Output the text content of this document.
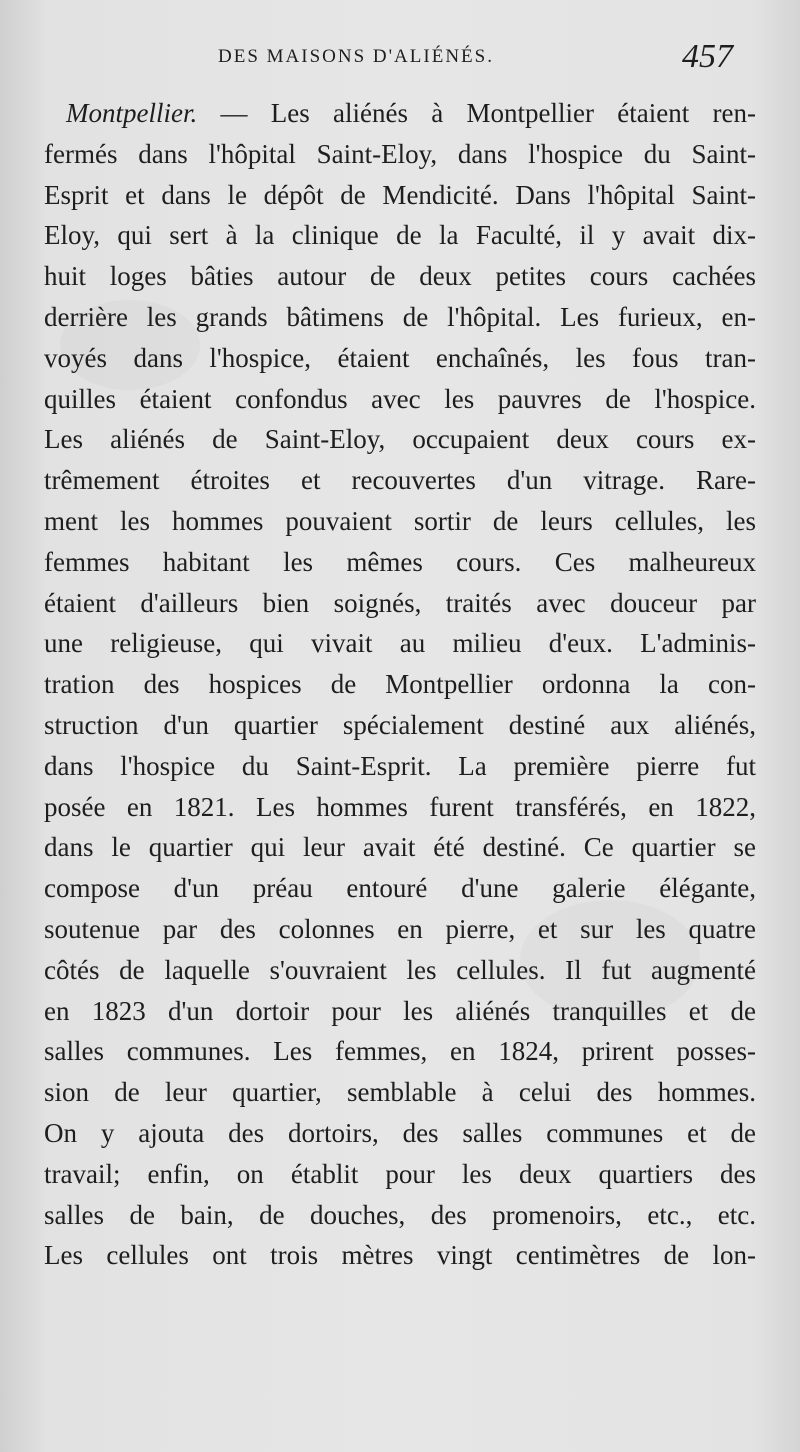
DES MAISONS D'ALIÉNÉS.	457
Montpellier. — Les aliénés à Montpellier étaient ren-
fermés dans l'hôpital Saint-Eloy, dans l'hospice du Saint-
Esprit et dans le dépôt de Mendicité. Dans l'hôpital Saint-
Eloy, qui sert à la clinique de la Faculté, il y avait dix-
huit loges bâties autour de deux petites cours cachées
derrière les grands bâtimens de l'hôpital. Les furieux, en-
voyés dans l'hospice, étaient enchaînés, les fous tran-
quilles étaient confondus avec les pauvres de l'hospice.
Les aliénés de Saint-Eloy, occupaient deux cours ex-
trêmement étroites et recouvertes d'un vitrage. Rare-
ment les hommes pouvaient sortir de leurs cellules, les
femmes habitant les mêmes cours. Ces malheureux
étaient d'ailleurs bien soignés, traités avec douceur par
une religieuse, qui vivait au milieu d'eux. L'adminis-
tration des hospices de Montpellier ordonna la con-
struction d'un quartier spécialement destiné aux aliénés,
dans l'hospice du Saint-Esprit. La première pierre fut
posée en 1821. Les hommes furent transférés, en 1822,
dans le quartier qui leur avait été destiné. Ce quartier se
compose d'un préau entouré d'une galerie élégante,
soutenue par des colonnes en pierre, et sur les quatre
côtés de laquelle s'ouvraient les cellules. Il fut augmenté
en 1823 d'un dortoir pour les aliénés tranquilles et de
salles communes. Les femmes, en 1824, prirent posses-
sion de leur quartier, semblable à celui des hommes.
On y ajouta des dortoirs, des salles communes et de
travail; enfin, on établit pour les deux quartiers des
salles de bain, de douches, des promenoirs, etc., etc.
Les cellules ont trois mètres vingt centimètres de lon-
